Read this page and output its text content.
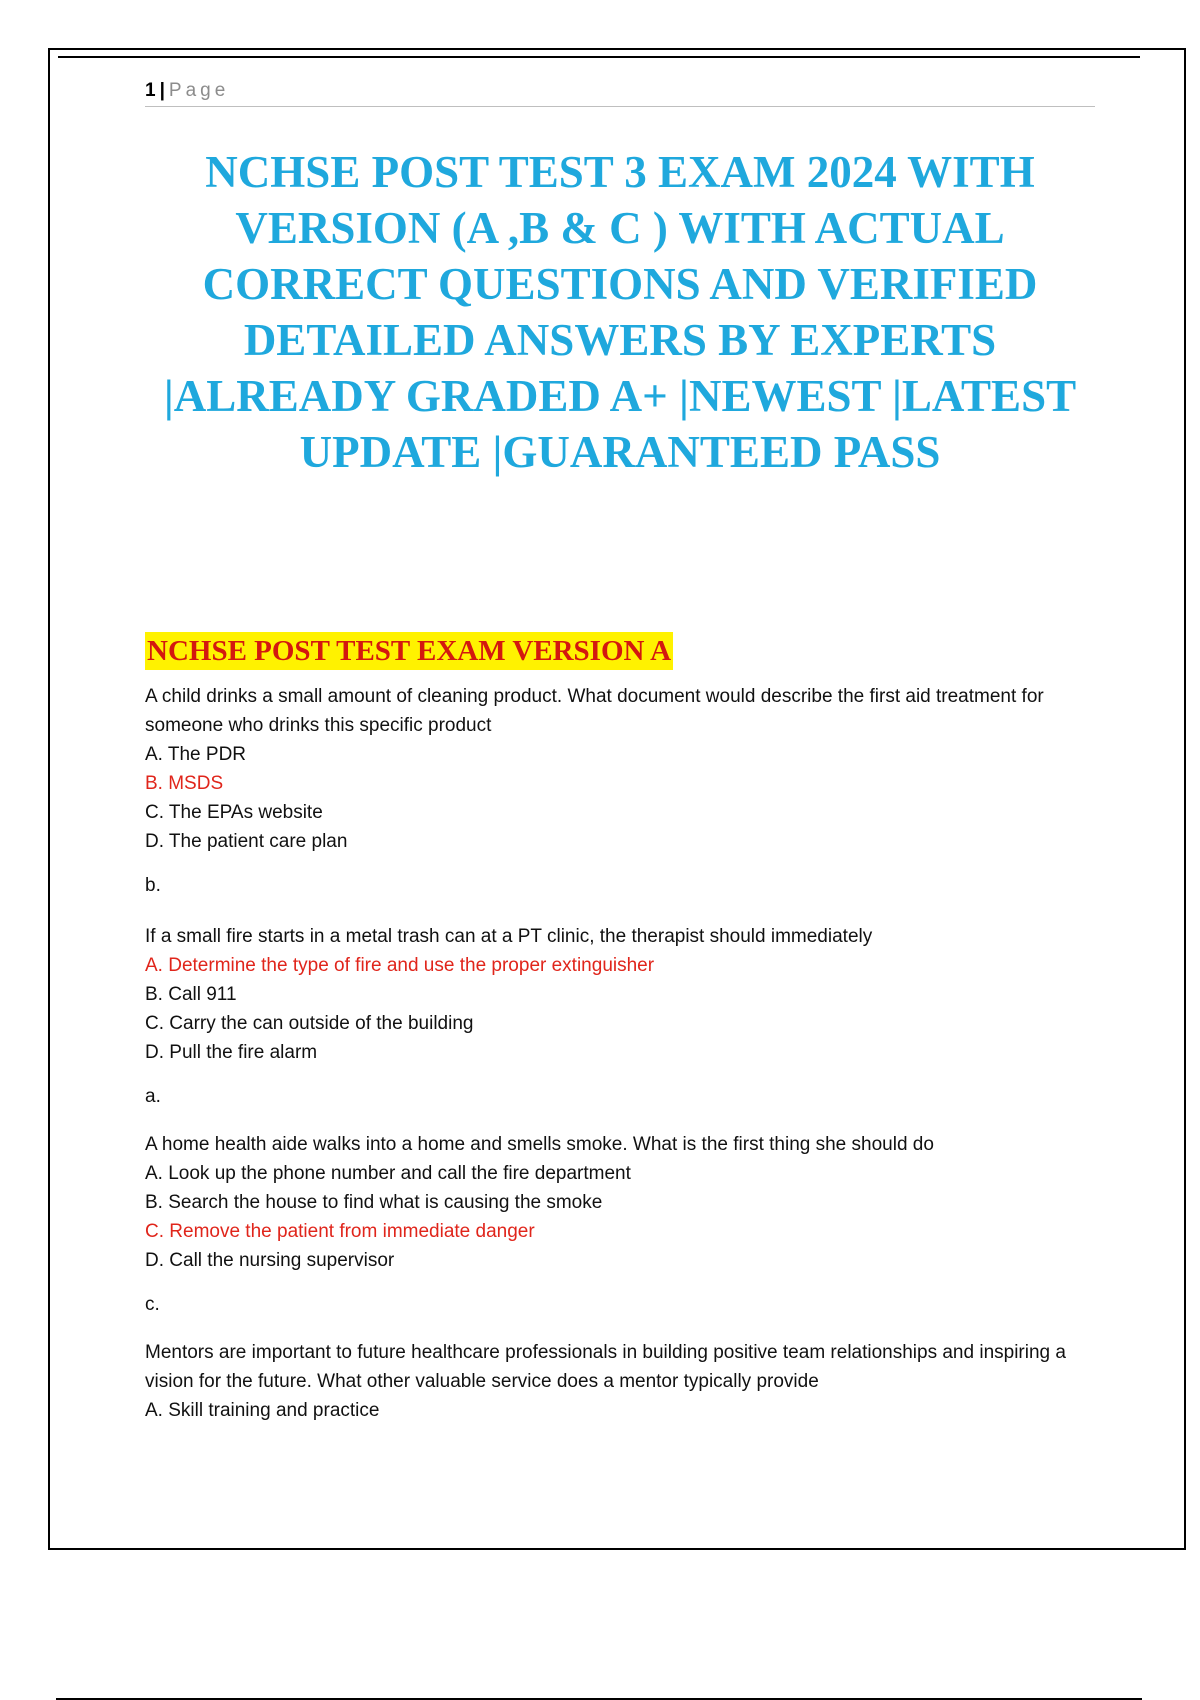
1 | Page
NCHSE POST TEST 3 EXAM 2024 WITH VERSION (A ,B & C ) WITH ACTUAL CORRECT QUESTIONS AND VERIFIED DETAILED ANSWERS BY EXPERTS |ALREADY GRADED A+ |NEWEST |LATEST UPDATE |GUARANTEED PASS
NCHSE POST TEST EXAM VERSION A

A child drinks a small amount of cleaning product. What document would describe the first aid treatment for someone who drinks this specific product

A. The PDR

B. MSDS

C. The EPAs website

D. The patient care plan

b.

If a small fire starts in a metal trash can at a PT clinic, the therapist should immediately

A. Determine the type of fire and use the proper extinguisher

B. Call 911

C. Carry the can outside of the building

D. Pull the fire alarm

a.

A home health aide walks into a home and smells smoke. What is the first thing she should do

A. Look up the phone number and call the fire department

B. Search the house to find what is causing the smoke

C. Remove the patient from immediate danger

D. Call the nursing supervisor

c.

Mentors are important to future healthcare professionals in building positive team relationships and inspiring a vision for the future. What other valuable service does a mentor typically provide

A. Skill training and practice
